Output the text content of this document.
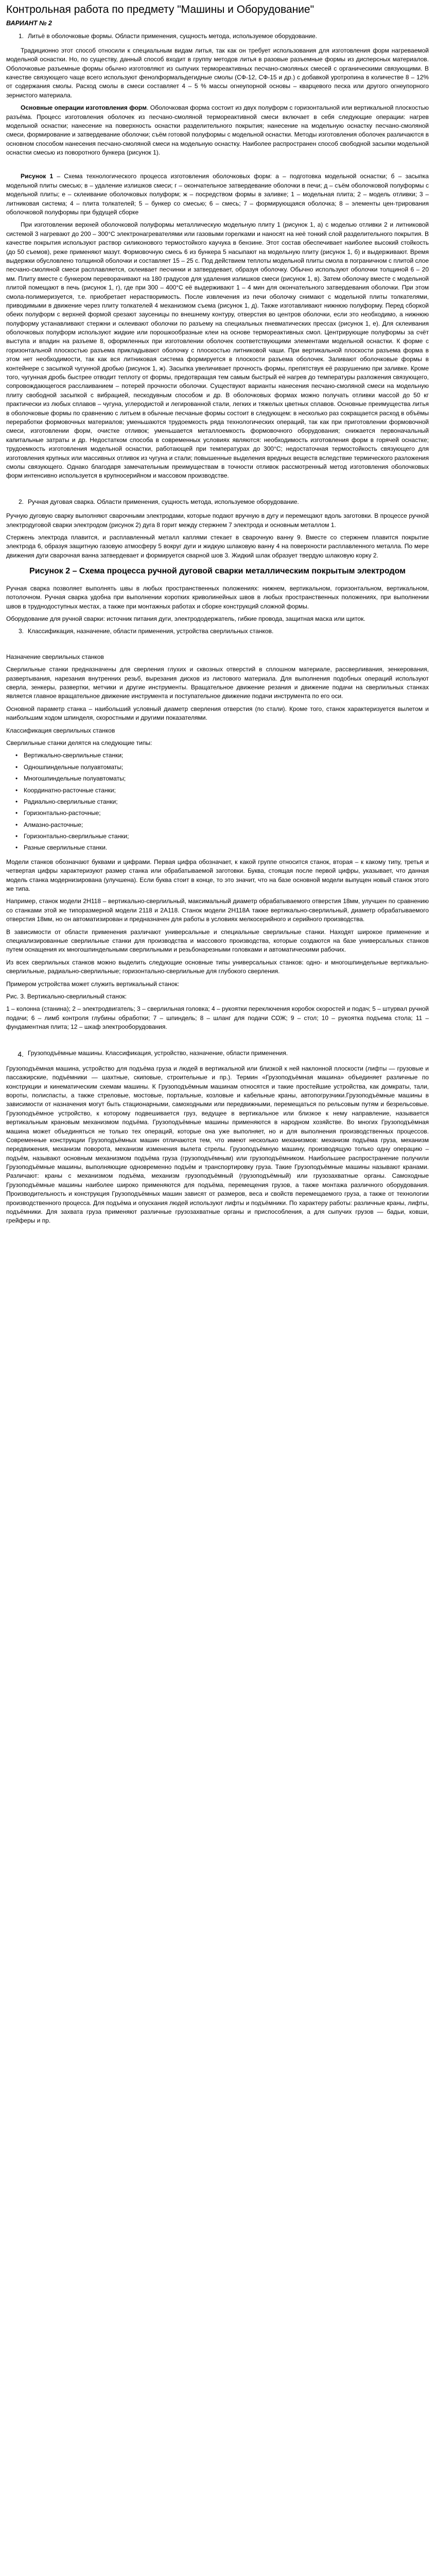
Контрольная работа по предмету "Машины и Оборудование"
ВАРИАНТ № 2
1. Литьё в оболочковые формы. Области применения, сущность метода, используемое оборудование.

Традиционно этот способ относили к специальным видам литья, так как он требует использования для изготовления форм нагреваемой модельной оснастки. Но, по существу, данный способ входит в группу методов литья в разовые разъемные формы из дисперсных материалов. Оболочковые разъемные формы обычно изготовляют из сыпучих термореактивных песчано-смоляных смесей с органическими связующими. В качестве связующего чаще всего используют фенолформальдегидные смолы (СФ-12, СФ-15 и др.) с добавкой уротропина в количестве 8 – 12% от содержания смолы. Расход смолы в смеси составляет 4 – 5 % массы огнеупорной основы – кварцевого песка или другого огнеупорного зернистого материала.

Основные операции изготовления форм. Оболочковая форма состоит из двух полуформ с горизонтальной или вертикальной плоскостью разъёма. Процесс изготовления оболочек из песчано-смоляной термореактивной смеси включает в себя следующие операции: нагрев модельной оснастки; нанесение на поверхность оснастки разделительного покрытия; нанесение на модельную оснастку песчано-смоляной смеси, формирование и затвердевание оболочки; съём готовой полуформы с модельной оснастки. Методы изготовления оболочек различаются в основном способом нанесения песчано-смоляной смеси на модельную оснастку. Наиболее распространен способ свободной засыпки модельной оснастки смесью из поворотного бункера (рисунок 1).

Рисунок 1 – Схема технологического процесса изготовления оболочковых форм: а – подготовка модельной оснастки; б – засыпка модельной плиты смесью; в – удаление излишков смеси; г – окончательное затвердевание оболочки в печи; д – съём оболочковой полуформы с модельной плиты; е – склеивание оболочковых полуформ; ж – посредством формы в заливке; 1 – модельная плита; 2 – модель отливки; 3 – литниковая система; 4 – плита толкателей; 5 – бункер со смесью; 6 – смесь; 7 – формирующаяся оболочка; 8 – элементы цен-трирования оболочковой полуформы при будущей сборке

При изготовлении верхней оболочковой полуформы металлическую модельную плиту 1 (рисунок 1, а) с моделью отливки 2 и литниковой системой 3 нагревают до 200 – 300°С электронагревателями или газовыми горелками и наносят на неё тонкий слой разделительного покрытия. В качестве покрытия используют раствор силиконового термостойкого каучука в бензине. Этот состав обеспечивает наиболее высокий стойкость (до 50 съемов), реже применяют мазут. Формовочную смесь 6 из бункера 5 насыпают на модельную плиту (рисунок 1, б) и выдерживают. Время выдержки обусловлено толщиной оболочки и составляет 15 – 25 с. Под действием теплоты модельной плиты смола в пограничном с плитой слое песчано-смоляной смеси расплавляется, склеивает песчинки и затвердевает, образуя оболочку. Обычно используют оболочки толщиной 6 – 20 мм. Плиту вместе с бункером переворачивают на 180 градусов для удаления излишков смеси (рисунок 1, в). Затем оболочку вместе с модельной плитой помещают в печь (рисунок 1, г), где при 300 – 400°С её выдерживают 1 – 4 мин для окончательного затвердевания оболочки. При этом смола-полимеризуется, т.е. приобретает нерастворимость. После извлечения из печи оболочку снимают с модельной плиты толкателями, приводимыми в движение через плиту толкателей 4 механизмом съема (рисунок 1, д). Также изготавливают нижнюю полуформу. Перед сборкой обеих полуформ с верхней формой срезают заусеницы по внешнему контуру, отверстия во центров оболочки, если это необходимо, а нижнюю полуформу устанавливают стержни и склеивают оболочки по разъему на специальных пневматических прессах (рисунок 1, е). Для склеивания оболочковых полуформ используют жидкие или порошкообразные клеи на основе термореактивных смол. Центрирующие полуформы за счёт выступа и впадин на разъеме 8, оформленных при изготовлении оболочек соответствующими элементами модельной оснастки. К форме с горизонтальной плоскостью разъема прикладывают оболочку с плоскостью литниковой чаши. При вертикальной плоскости разъема форма в этом нет необходимости, так как вся литниковая система формируется в плоскости разъема оболочек. Заливают оболочковые формы в контейнере с засыпкой чугунной дробью (рисунок 1, ж). Засыпка увеличивает прочность формы, препятствуя её разрушению при заливке. Кроме того, чугунная дробь быстрее отводит теплоту от формы, предотвращая тем самым быстрый её нагрев до температуры разложения связующего, сопровождающегося расслаиванием – потерей прочности оболочки. Существуют варианты нанесения песчано-смоляной смеси на модельную плиту свободной засыпкой с вибрацией, пескодувным способом и др. В оболочковых формах можно получать отливки массой до 50 кг практически из любых сплавов – чугуна, углеродистой и легированной стали, легких и тяжелых цветных сплавов. Основные преимущества литья в оболочковые формы по сравнению с литьем в обычные песчаные формы состоит в следующем: в несколько раз сокращается расход в объёмы переработки формовочных материалов; уменьшаются трудоемкость ряда технологических операций, так как при приготовлении формовочной смеси, изготовлении форм, очистке отливок; уменьшается металлоемкость формовочного оборудования; снижается первоначальный капитальные затраты и др. Недостатком способа в современных условиях являются: необходимость изготовления форм в горячей оснастке; трудоемкость изготовления модельной оснастки, работающей при температурах до 300°С; недостаточная термостойкость связующего для изготовления крупных или массивных отливок из чугуна и стали; повышенные выделения вредных веществ вследствие термического разложения смолы связующего. Однако благодаря замечательным преимуществам в точности отливок рассмотренный метод изготовления оболочковых форм интенсивно используется в крупносерийном и массовом производстве.

2. Ручная дуговая сварка. Области применения, сущность метода, используемое оборудование.

Ручную дуговую сварку выполняют сварочными электродами, которые подают вручную в дугу и перемещают вдоль заготовки. В процессе ручной электродуговой сварки электродом (рисунок 2) дуга 8 горит между стержнем 7 электрода и основным металлом 1.

Стержень электрода плавится, и расплавленный металл каплями стекает в сварочную ванну 9. Вместе со стержнем плавится покрытие электрода 6, образуя защитную газовую атмосферу 5 вокруг дуги и жидкую шлаковую ванну 4 на поверхности расплавленного металла. По мере движения дуги сварочная ванна затвердевает и формируется сварной шов 3. Жидкий шлак образует твердую шлаковую корку 2.

Рисунок 2 – Схема процесса ручной дуговой сварки металлическим покрытым электродом

Ручная сварка позволяет выполнять швы в любых пространственных положениях: нижнем, вертикальном, горизонтальном, вертикальном, потолочном. Ручная сварка удобна при выполнении коротких криволинейных швов в любых пространственных положениях, при выполнении швов в труднодоступных местах, а также при монтажных работах и сборке конструкций сложной формы.

Оборудование для ручной сварки: источник питания дуги, электрододержатель, гибкие провода, защитная маска или щиток.

3. Классификация, назначение, области применения, устройства сверлильных станков.

Назначение сверлильных станков

Сверлильные станки предназначены для сверления глухих и сквозных отверстий в сплошном материале, рассверливания, зенкерования, развертывания, нарезания внутренних резьб, вырезания дисков из листового материала. Для выполнения подобных операций используют сверла, зенкеры, развертки, метчики и другие инструменты. Вращательное движение резания и движение подачи на сверлильных станках является главное вращательное движение инструмента и поступательное движение подачи инструмента по его оси.

Основной параметр станка – наибольший условный диаметр сверления отверстия (по стали). Кроме того, станок характеризуется вылетом и наибольшим ходом шпинделя, скоростными и другими показателями.

Классификация сверлильных станков

Сверлильные станки делятся на следующие типы:

• Вертикально-сверлильные станки;
• Одношпиндельные полуавтоматы;
• Многошпиндельные полуавтоматы;
• Координатно-расточные станки;
• Радиально-сверлильные станки;
• Горизонтально-расточные;
• Алмазно-расточные;
• Горизонтально-сверлильные станки;
• Разные сверлильные станки.

Модели станков обозначают буквами и цифрами. Первая цифра обозначает, к какой группе относится станок, вторая – к какому типу, третья и четвертая цифры характеризуют размер станка или обрабатываемой заготовки. Буква, стоящая после первой цифры, указывает, что данная модель станка модернизирована (улучшена). Если буква стоит в конце, то это значит, что на базе основной модели выпущен новый станок этого же типа.

Например, станок модели 2Н118 – вертикально-сверлильный, максимальный диаметр обрабатываемого отверстия 18мм, улучшен по сравнению со станками этой же типоразмерной модели 2118 и 2А118. Станок модели 2Н118А также вертикально-сверлильный, диаметр обрабатываемого отверстия 18мм, но он автоматизирован и предназначен для работы в условиях мелкосерийного и серийного производства.

В зависимости от области применения различают универсальные и специальные сверлильные станки. Находят широкое применение и специализированные сверлильные станки для производства и массового производства, которые создаются на базе универсальных станков путем оснащения их многошпиндельными сверлильными и резьбонарезными головками и автоматическими рабочих.

Из всех сверлильных станков можно выделить следующие основные типы универсальных станков: одно- и многошпиндельные вертикально-сверлильные, радиально-сверлильные; горизонтально-сверлильные для глубокого сверления.

Примером устройства может служить вертикальный станок:

Рис. 3. Вертикально-сверлильный станок:

1 – колонна (станина); 2 – электродвигатель; 3 – сверлильная головка; 4 – рукоятки переключения коробок скоростей и подач; 5 – штурвал ручной подачи; 6 – лимб контроля глубины обработки; 7 – шпиндель; 8 – шланг для подачи СОЖ; 9 – стол; 10 – рукоятка подъема стола; 11 – фундаментная плита; 12 – шкаф электрооборудования.

4. Грузоподъёмные машины. Классификация, устройство, назначение, области применения.

Грузоподъёмная машина, устройство для подъёма груза и людей в вертикальной или близкой к ней наклонной плоскости (лифты — грузовые и пассажирские, подъёмники — шахтные, скиповые, строительные и пр.). Термин «Грузоподъёмная машина» объединяет различные по конструкции и кинематическим схемам машины. К Грузоподъёмным машинам относятся и такие простейшие устройства, как домкраты, тали, вороты, полиспасты, а также стреловые, мостовые, портальные, козловые и кабельные краны, автопогрузчики.Грузоподъёмные машины в зависимости от назначения могут быть стационарными, самоходными или передвижными, перемещаться по рельсовым путям и безрельсовые. Грузоподъёмное устройство, к которому подвешивается груз, ведущее в вертикальное или близкое к нему направление, называется вертикальным крановым механизмом подъёма. Грузоподъёмные машины применяются в народном хозяйстве. Во многих Грузоподъёмная машина может объединяться не только тех операций, которые она уже выполняет, но и для выполнения производственных процессов. Современные конструкции Грузоподъёмных машин отличаются тем, что имеют несколько механизмов: механизм подъёма груза, механизм передвижения, механизм поворота, механизм изменения вылета стрелы. Грузоподъёмную машину, производящую только одну операцию – подъём, называют основным механизмом подъёма груза (грузоподъёмным) или грузоподъёмником. Наибольшее распространение получили Грузоподъёмные машины, выполняющие одновременно подъём и транспортировку груза. Такие Грузоподъёмные машины называют кранами. Различают: краны с механизмом подъёма, механизм грузоподъёмный (грузоподъёмный) или грузозахватные органы. Самоходные Грузоподъёмные машины наиболее широко применяются для подъёма, перемещения грузов, а также монтажа различного оборудования. Производительность и конструкция Грузоподъёмных машин зависят от размеров, веса и свойств перемещаемого груза, а также от технологии производственного процесса. Для подъёма и опускания людей используют лифты и подъёмники. По характеру работы: различные краны, лифты, подъёмники. Для захвата груза применяют различные грузозахватные органы и приспособления, а для сыпучих грузов — бадьи, ковши, грейферы и пр.
